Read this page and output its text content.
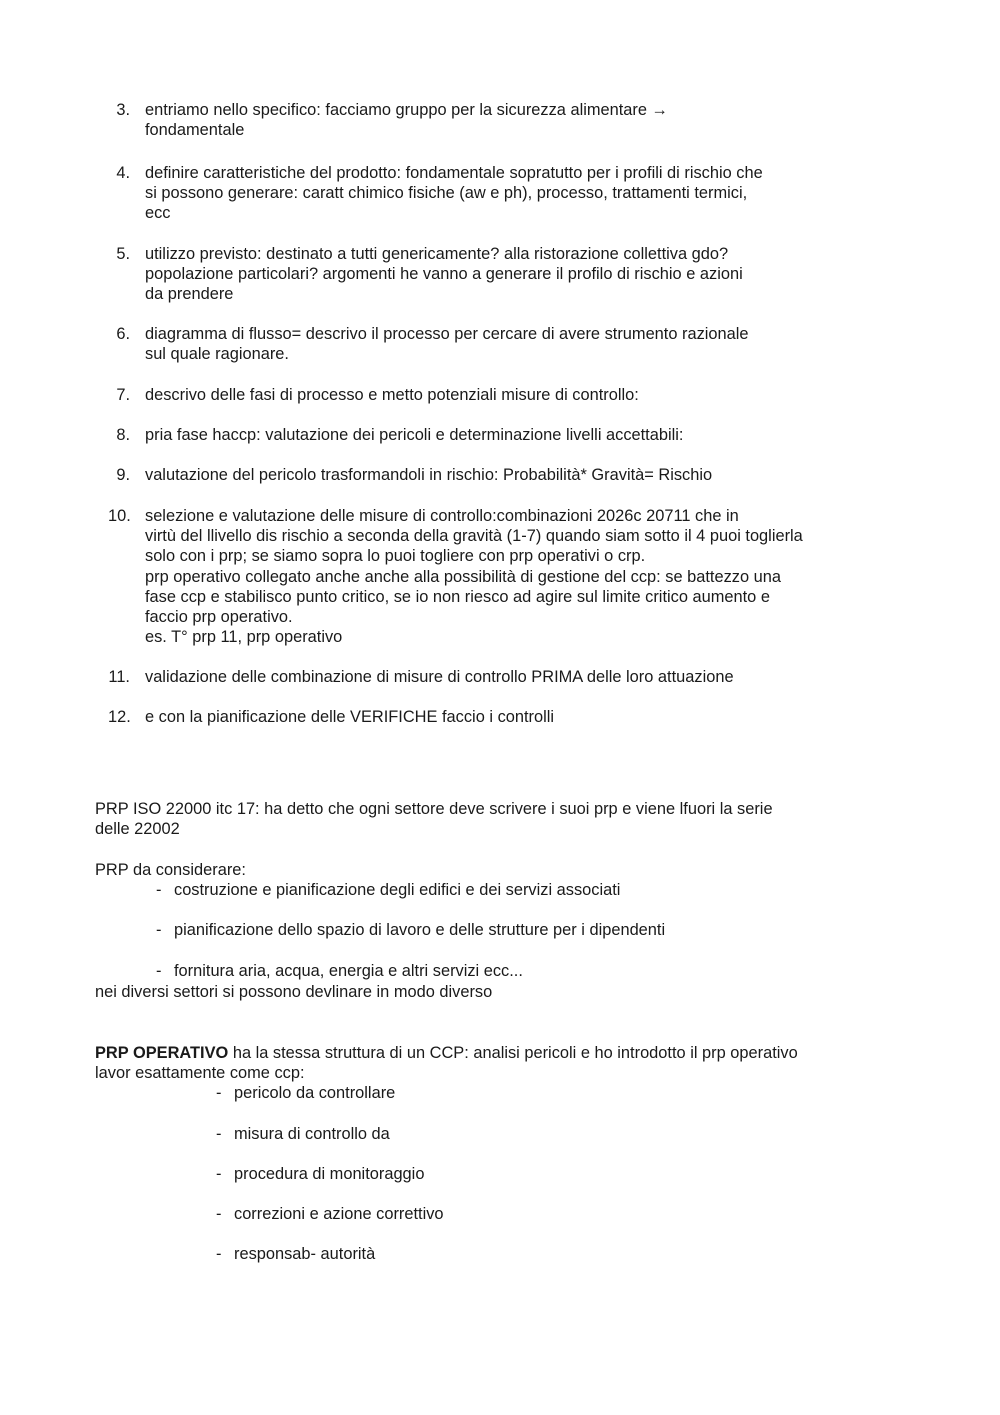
3. entriamo nello specifico: facciamo gruppo per la sicurezza alimentare →
fondamentale
4. definire caratteristiche del prodotto: fondamentale sopratutto per i profili di rischio che
si possono generare: caratt chimico fisiche (aw e ph), processo, trattamenti termici,
ecc
5. utilizzo previsto: destinato a tutti genericamente? alla ristorazione collettiva gdo?
popolazione particolari? argomenti he vanno a generare il profilo di rischio e azioni
da prendere
6. diagramma di flusso= descrivo il processo per cercare di avere strumento razionale
sul quale ragionare.
7. descrivo delle fasi di processo e metto potenziali misure di controllo:
8. pria fase haccp: valutazione dei pericoli e determinazione livelli accettabili:
9. valutazione del pericolo trasformandoli in rischio: Probabilità* Gravità= Rischio
10. selezione e valutazione delle misure di controllo:combinazioni 2026c 20711 che in
virtù del llivello dis rischio a seconda della gravità (1-7) quando siam sotto il 4 puoi toglierla
solo con i prp; se siamo sopra lo puoi togliere con prp operativi o crp.
prp operativo collegato anche anche alla possibilità di gestione del ccp: se battezzo una
fase ccp e stabilisco punto critico, se io non riesco ad agire sul limite critico aumento e
faccio prp operativo.
es. T° prp 11, prp operativo
11. validazione delle combinazione di misure di controllo PRIMA delle loro attuazione
12. e con la pianificazione delle VERIFICHE faccio i controlli
PRP ISO 22000 itc 17: ha detto che ogni settore deve scrivere i suoi prp e viene lfuori la serie
delle 22002
PRP da considerare:
- costruzione e pianificazione degli edifici e dei servizi associati
- pianificazione dello spazio di lavoro e delle strutture per i dipendenti
- fornitura aria, acqua, energia e altri servizi ecc...
nei diversi settori si possono devlinare in modo diverso
PRP OPERATIVO ha la stessa struttura di un CCP: analisi pericoli e ho introdotto il prp operativo
lavor esattamente come ccp:
- pericolo da controllare
- misura di controllo da
- procedura di monitoraggio
- correzioni e azione correttivo
- responsab- autorità
